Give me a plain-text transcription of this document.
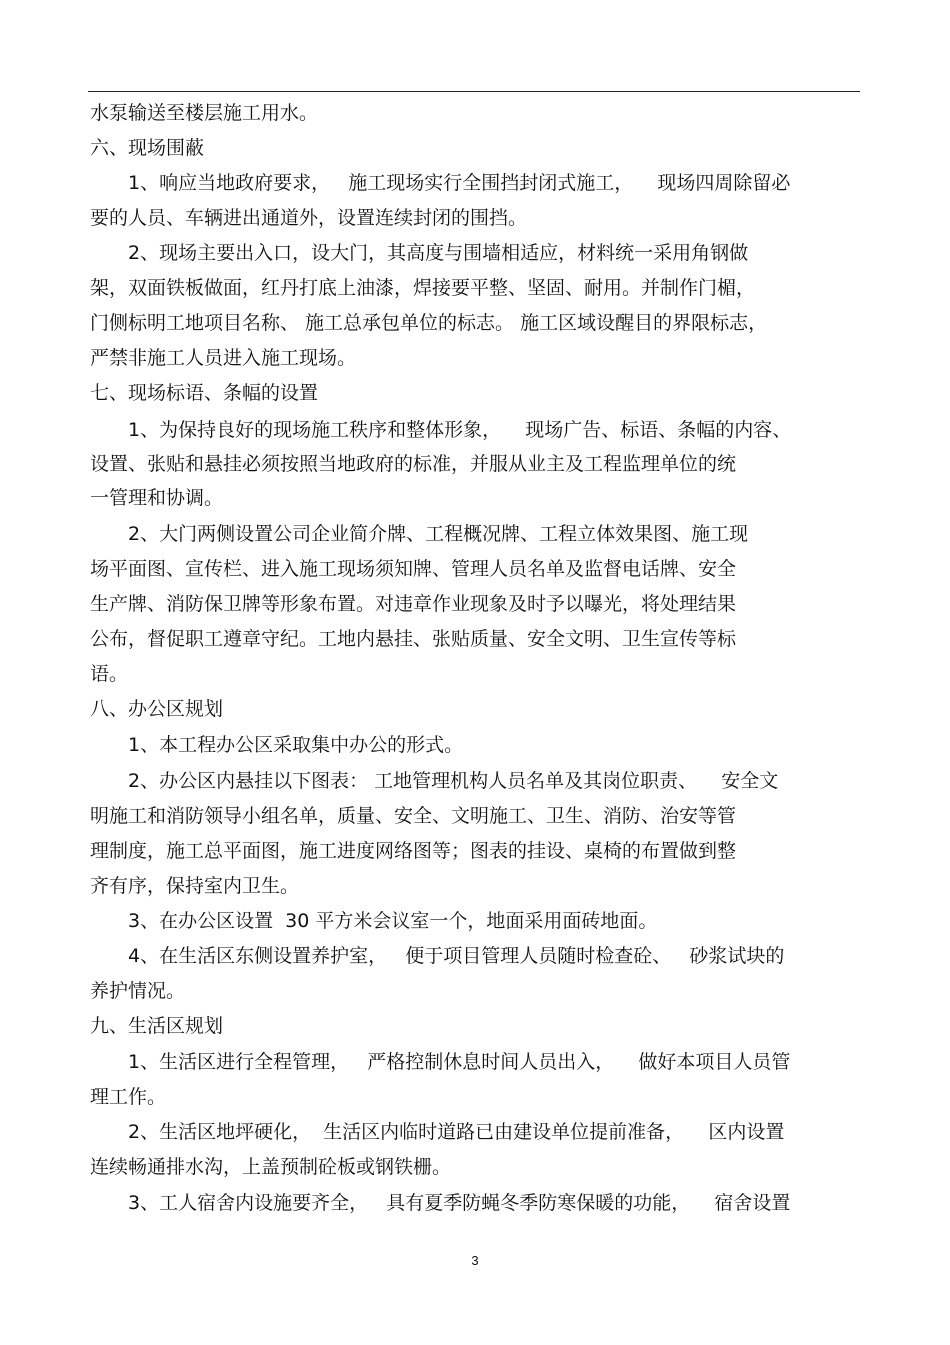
水泵输送至楼层施工用水。
六、现场围蔽
1、响应当地政府要求，   施工现场实行全围挡封闭式施工，    现场四周除留必
要的人员、车辆进出通道外，设置连续封闭的围挡。
2、现场主要出入口，设大门，其高度与围墙相适应，材料统一采用角钢做
架，双面铁板做面，红丹打底上油漆，焊接要平整、坚固、耐用。并制作门楣，
门侧标明工地项目名称、 施工总承包单位的标志。 施工区域设醒目的界限标志，
严禁非施工人员进入施工现场。
七、现场标语、条幅的设置
1、为保持良好的现场施工秩序和整体形象，    现场广告、标语、条幅的内容、
设置、张贴和悬挂必须按照当地政府的标准，并服从业主及工程监理单位的统
一管理和协调。
2、大门两侧设置公司企业简介牌、工程概况牌、工程立体效果图、施工现
场平面图、宣传栏、进入施工现场须知牌、管理人员名单及监督电话牌、安全
生产牌、消防保卫牌等形象布置。对违章作业现象及时予以曝光，将处理结果
公布，督促职工遵章守纪。工地内悬挂、张贴质量、安全文明、卫生宣传等标
语。
八、办公区规划
1、本工程办公区采取集中办公的形式。
2、办公区内悬挂以下图表： 工地管理机构人员名单及其岗位职责、    安全文
明施工和消防领导小组名单，质量、安全、文明施工、卫生、消防、治安等管
理制度，施工总平面图，施工进度网络图等；图表的挂设、桌椅的布置做到整
齐有序，保持室内卫生。
3、在办公区设置  30 平方米会议室一个，地面采用面砖地面。
4、在生活区东侧设置养护室，   便于项目管理人员随时检查砼、   砂浆试块的
养护情况。
九、生活区规划
1、生活区进行全程管理，   严格控制休息时间人员出入，    做好本项目人员管
理工作。
2、生活区地坪硬化，  生活区内临时道路已由建设单位提前准备，    区内设置
连续畅通排水沟，上盖预制砼板或钢铁栅。
3、工人宿舍内设施要齐全，   具有夏季防蝇冬季防寒保暖的功能，    宿舍设置
3
